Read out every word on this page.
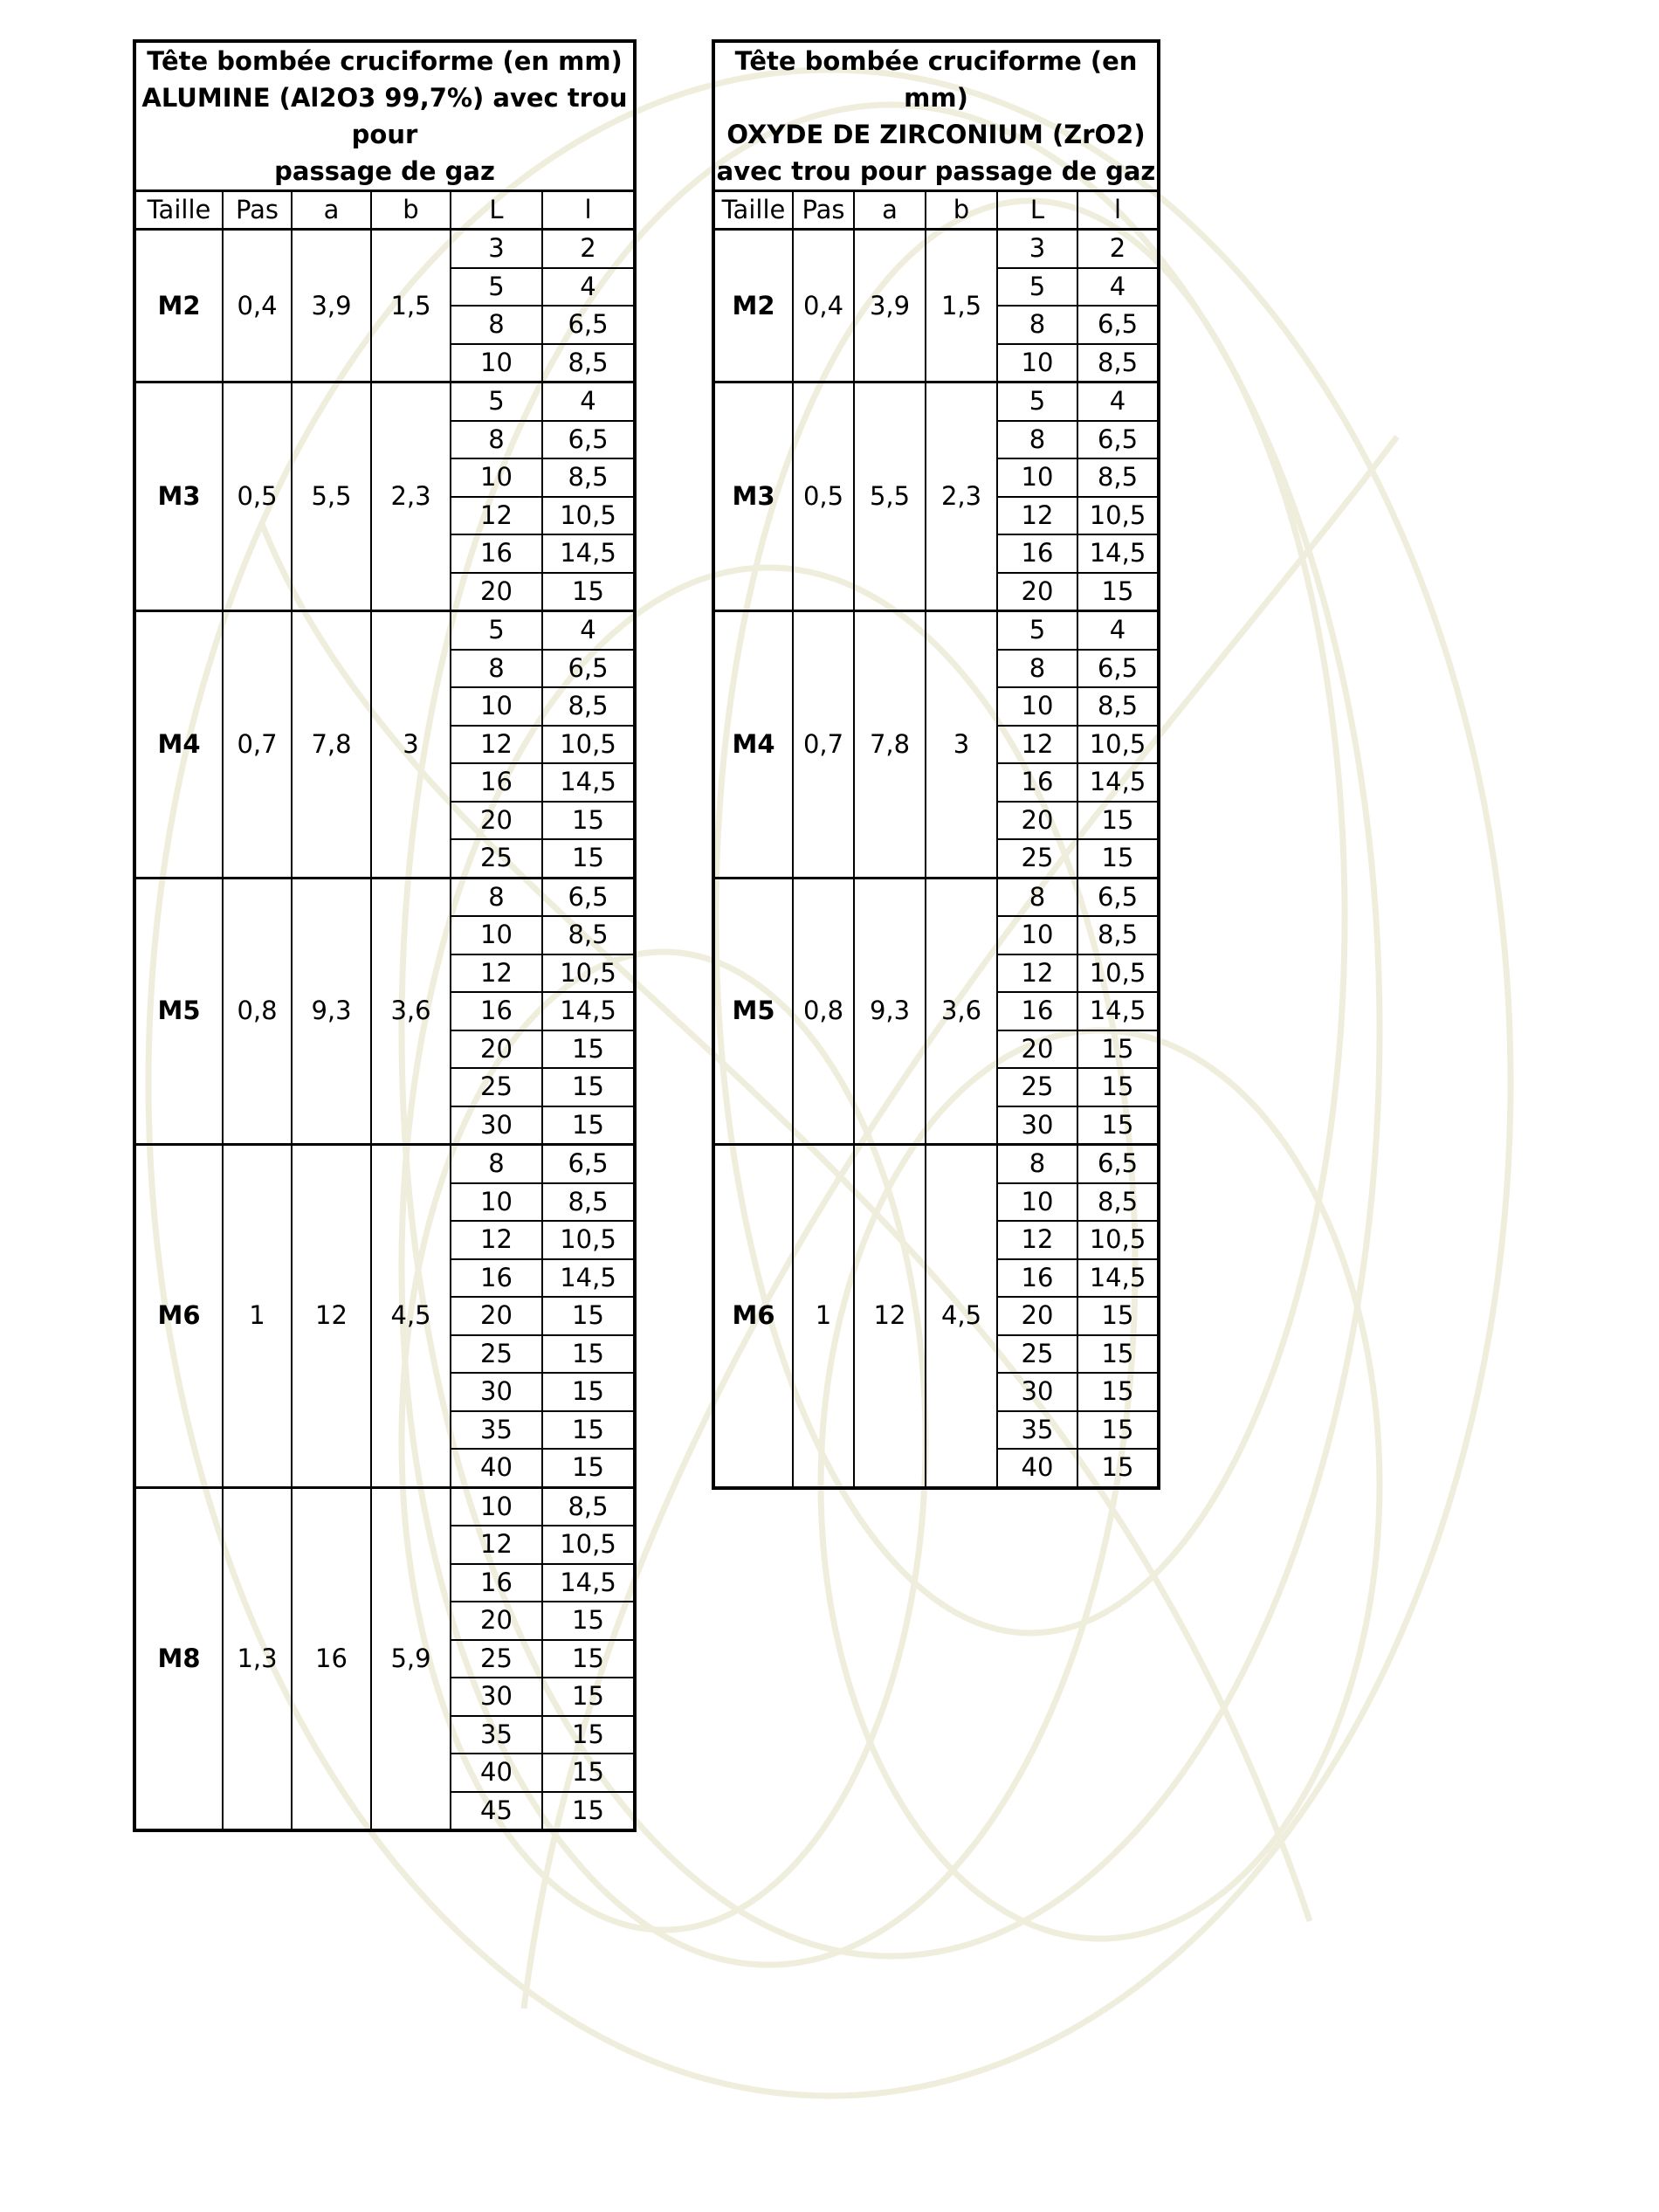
Tête bombée cruciforme (en mm)
ALUMINE (Al2O3 99,7%) avec trou pour
passage de gaz					

Taille	Pas	a	b	L	l
M2	0,4	3,9	1,5	3	2
				5	4
				8	6,5
				10	8,5
M3	0,5	5,5	2,3	5	4
				8	6,5
				10	8,5
				12	10,5
				16	14,5
				20	15
M4	0,7	7,8	3	5	4
				8	6,5
				10	8,5
				12	10,5
				16	14,5
				20	15
				25	15
M5	0,8	9,3	3,6	8	6,5
				10	8,5
				12	10,5
				16	14,5
				20	15
				25	15
				30	15
M6	1	12	4,5	8	6,5
				10	8,5
				12	10,5
				16	14,5
				20	15
				25	15
				30	15
				35	15
				40	15
M8	1,3	16	5,9	10	8,5
				12	10,5
				16	14,5
				20	15
				25	15
				30	15
				35	15
				40	15
				45	15
Tête bombée cruciforme (en mm)
OXYDE DE ZIRCONIUM (ZrO2)
avec trou pour passage de gaz					

Taille	Pas	a	b	L	l
M2	0,4	3,9	1,5	3	2
				5	4
				8	6,5
				10	8,5
M3	0,5	5,5	2,3	5	4
				8	6,5
				10	8,5
				12	10,5
				16	14,5
				20	15
M4	0,7	7,8	3	5	4
				8	6,5
				10	8,5
				12	10,5
				16	14,5
				20	15
				25	15
M5	0,8	9,3	3,6	8	6,5
				10	8,5
				12	10,5
				16	14,5
				20	15
				25	15
				30	15
M6	1	12	4,5	8	6,5
				10	8,5
				12	10,5
				16	14,5
				20	15
				25	15
				30	15
				35	15
				40	15
